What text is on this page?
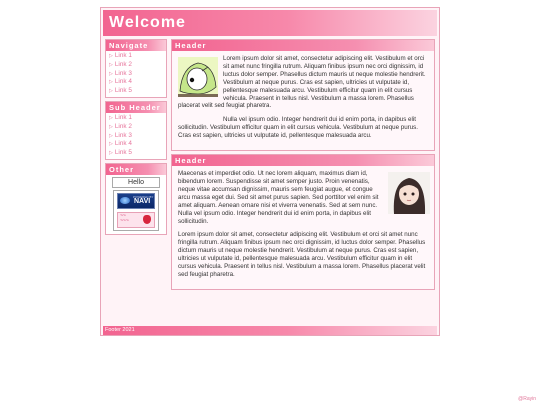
Welcome
Navigate
▷ Link 1
▷ Link 2
▷ Link 3
▷ Link 4
▷ Link 5
Sub Header
▷ Link 1
▷ Link 2
▷ Link 3
▷ Link 4
▷ Link 5
Other
Hello
POWERED BY
NAVI
~~
~~~
Header

Lorem ipsum dolor sit amet, consectetur adipiscing elit. Vestibulum et orci sit amet nunc fringilla rutrum. Aliquam finibus ipsum nec orci dignissim, id luctus dolor semper. Phasellus dictum mauris ut neque molestie hendrerit. Vestibulum at neque purus. Cras est sapien, ultricies ut vulputate id, pellentesque malesuada arcu. Vestibulum efficitur quam in elit cursus vehicula. Praesent in tellus nisl. Vestibulum a massa lorem. Phasellus placerat velit sed feugiat pharetra.

Nulla vel ipsum odio. Integer hendrerit dui id enim porta, in dapibus elit sollicitudin. Vestibulum efficitur quam in elit cursus vehicula. Vestibulum at neque purus. Cras est sapien, ultricies ut vulputate id, pellentesque malesuada arcu.

Header

Maecenas et imperdiet odio. Ut nec lorem aliquam, maximus diam id, bibendum lorem. Suspendisse sit amet semper justo. Proin venenatis, neque vitae accumsan dignissim, mauris sem feugiat augue, et congue arcu massa eget dui. Sed sit amet purus sapien. Sed porttitor vel enim sit amet aliquam. Aenean ornare nisi et viverra venenatis. Sed at sem nunc. Nulla vel ipsum odio. Integer hendrerit dui id enim porta, in dapibus elit sollicitudin.

Lorem ipsum dolor sit amet, consectetur adipiscing elit. Vestibulum et orci sit amet nunc fringilla rutrum. Aliquam finibus ipsum nec orci dignissim, id luctus dolor semper. Phasellus dictum mauris ut neque molestie hendrerit. Vestibulum at neque purus. Cras est sapien, ultricies ut vulputate id, pellentesque malesuada arcu. Vestibulum efficitur quam in elit cursus vehicula. Praesent in tellus nisl. Vestibulum a massa lorem. Phasellus placerat velit sed feugiat pharetra.

Footer 2021
@Rayin
